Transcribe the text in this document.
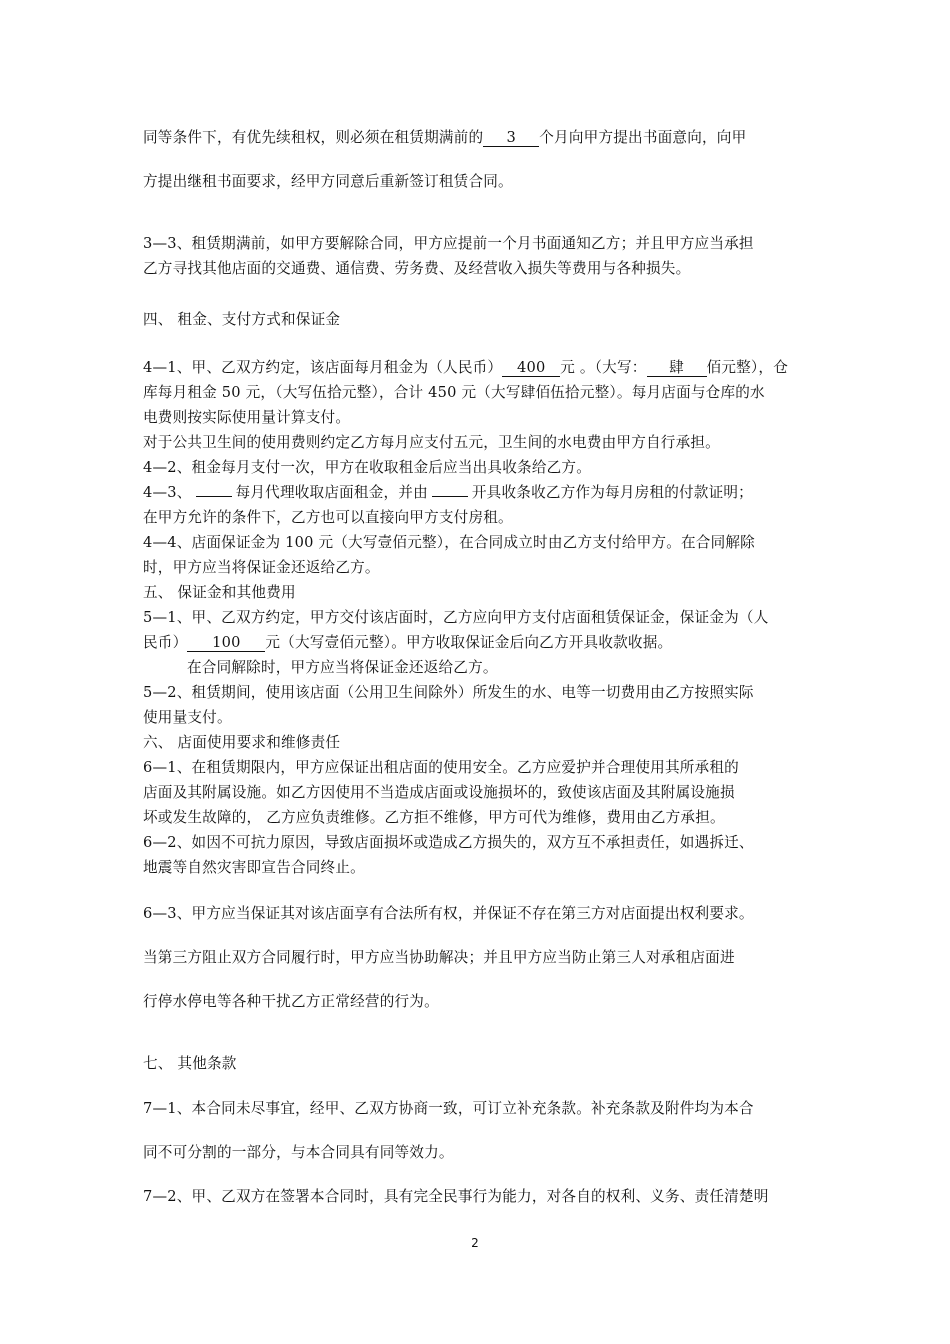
同等条件下，有优先续租权，则必须在租赁期满前的 3 个月向甲方提出书面意向，向甲
方提出继租书面要求，经甲方同意后重新签订租赁合同。
3—3、租赁期满前，如甲方要解除合同，甲方应提前一个月书面通知乙方；并且甲方应当承担
乙方寻找其他店面的交通费、通信费、劳务费、及经营收入损失等费用与各种损失。
四、 租金、支付方式和保证金
4—1、甲、乙双方约定，该店面每月租金为（人民币） 400 元 。（大写： 肆 佰元整），仓
库每月租金 50 元，（大写伍拾元整），合计 450 元（大写肆佰伍拾元整）。每月店面与仓库的水
电费则按实际使用量计算支付。
对于公共卫生间的使用费则约定乙方每月应支付五元，卫生间的水电费由甲方自行承担。
4—2、租金每月支付一次，甲方在收取租金后应当出具收条给乙方。
4—3、	每月代理收取店面租金，并由	开具收条收乙方作为每月房租的付款证明；
在甲方允许的条件下，乙方也可以直接向甲方支付房租。
4—4、店面保证金为 100 元（大写壹佰元整），在合同成立时由乙方支付给甲方。在合同解除
时，甲方应当将保证金还返给乙方。
五、 保证金和其他费用
5—1、甲、乙双方约定，甲方交付该店面时，乙方应向甲方支付店面租赁保证金，保证金为（人
民币） 100 元（大写壹佰元整）。甲方收取保证金后向乙方开具收款收据。
在合同解除时，甲方应当将保证金还返给乙方。
5—2、租赁期间，使用该店面（公用卫生间除外）所发生的水、电等一切费用由乙方按照实际
使用量支付。
六、 店面使用要求和维修责任
6—1、在租赁期限内，甲方应保证出租店面的使用安全。乙方应爱护并合理使用其所承租的
店面及其附属设施。如乙方因使用不当造成店面或设施损坏的，致使该店面及其附属设施损
坏或发生故障的， 乙方应负责维修。乙方拒不维修，甲方可代为维修，费用由乙方承担。
6—2、如因不可抗力原因，导致店面损坏或造成乙方损失的，双方互不承担责任，如遇拆迁、
地震等自然灾害即宣告合同终止。
6—3、甲方应当保证其对该店面享有合法所有权，并保证不存在第三方对店面提出权利要求。
当第三方阻止双方合同履行时，甲方应当协助解决；并且甲方应当防止第三人对承租店面进
行停水停电等各种干扰乙方正常经营的行为。
七、 其他条款
7—1、本合同未尽事宜，经甲、乙双方协商一致，可订立补充条款。补充条款及附件均为本合
同不可分割的一部分，与本合同具有同等效力。
7—2、甲、乙双方在签署本合同时，具有完全民事行为能力，对各自的权利、义务、责任清楚明
2
